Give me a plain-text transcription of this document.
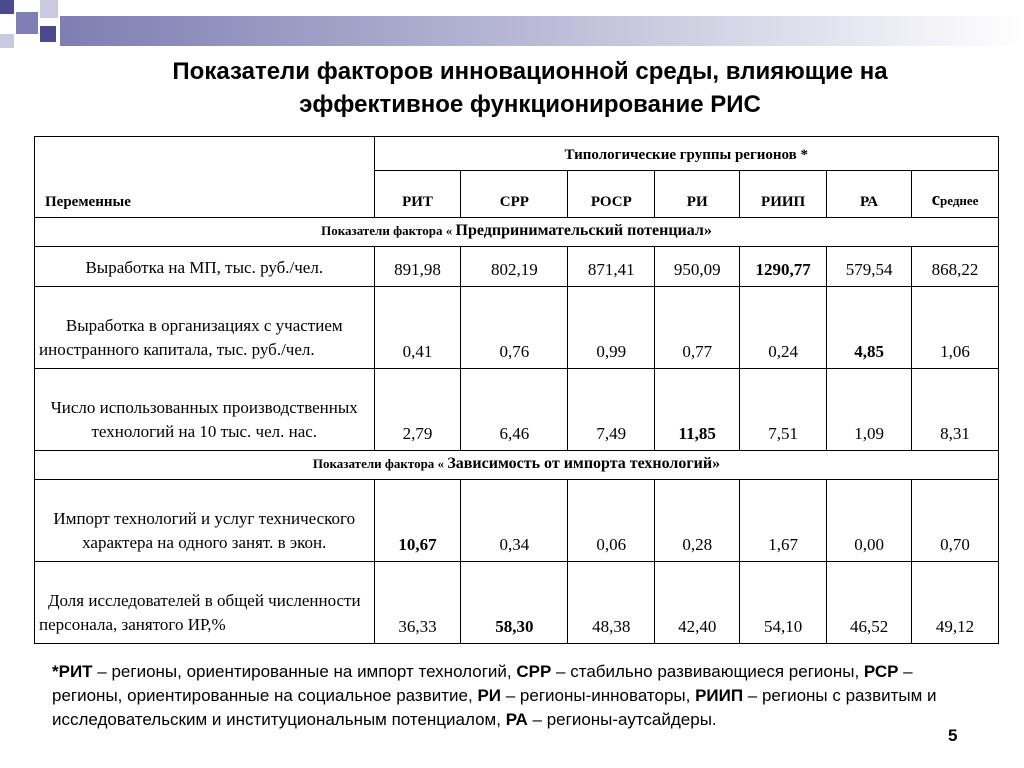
Показатели факторов инновационной среды, влияющие на
эффективное функционирование РИС
Переменные	Типологические группы регионов *						
	РИТ	СРР	РОСР	РИ	РИИП	РА	среднее
Показатели фактора « Предпринимательский потенциал»							
Выработка на МП, тыс. руб./чел.	891,98	802,19	871,41	950,09	1290,77	579,54	868,22
Выработка в организациях с участием иностранного капитала, тыс. руб./чел.	0,41	0,76	0,99	0,77	0,24	4,85	1,06
Число использованных производственных технологий на 10 тыс. чел. нас.	2,79	6,46	7,49	11,85	7,51	1,09	8,31
Показатели фактора « Зависимость от импорта технологий»							
Импорт технологий и услуг технического характера на одного занят. в экон.	10,67	0,34	0,06	0,28	1,67	0,00	0,70
Доля исследователей в общей численности персонала, занятого ИР,%	36,33	58,30	48,38	42,40	54,10	46,52	49,12
*РИТ – регионы, ориентированные на импорт технологий, СРР – стабильно развивающиеся регионы, РСР – регионы, ориентированные на социальное развитие, РИ – регионы-инноваторы, РИИП – регионы с развитым и исследовательским и институциональным потенциалом, РА – регионы-аутсайдеры.
5
